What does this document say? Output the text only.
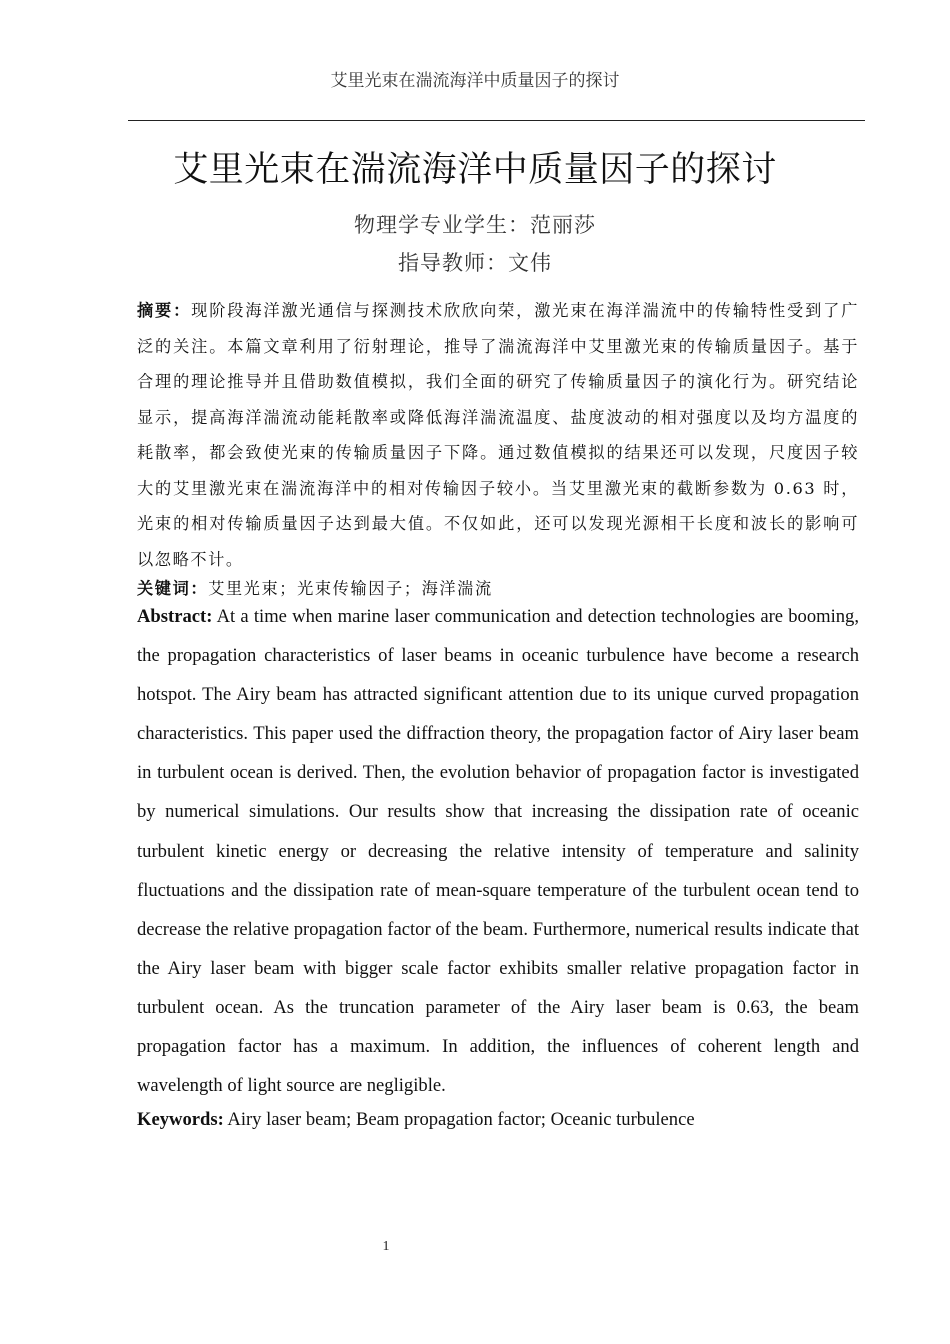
艾里光束在湍流海洋中质量因子的探讨
艾里光束在湍流海洋中质量因子的探讨
物理学专业学生：范丽莎
指导教师：文伟

摘要：现阶段海洋激光通信与探测技术欣欣向荣，激光束在海洋湍流中的传输特性受到了广泛的关注。本篇文章利用了衍射理论，推导了湍流海洋中艾里激光束的传输质量因子。基于合理的理论推导并且借助数值模拟，我们全面的研究了传输质量因子的演化行为。研究结论显示，提高海洋湍流动能耗散率或降低海洋湍流温度、盐度波动的相对强度以及均方温度的耗散率，都会致使光束的传输质量因子下降。通过数值模拟的结果还可以发现，尺度因子较大的艾里激光束在湍流海洋中的相对传输因子较小。当艾里激光束的截断参数为 0.63 时，光束的相对传输质量因子达到最大值。不仅如此，还可以发现光源相干长度和波长的影响可以忽略不计。

关键词：艾里光束；光束传输因子；海洋湍流

Abstract: At a time when marine laser communication and detection technologies are booming, the propagation characteristics of laser beams in oceanic turbulence have become a research hotspot. The Airy beam has attracted significant attention due to its unique curved propagation characteristics. This paper used the diffraction theory, the propagation factor of Airy laser beam in turbulent ocean is derived. Then, the evolution behavior of propagation factor is investigated by numerical simulations. Our results show that increasing the dissipation rate of oceanic turbulent kinetic energy or decreasing the relative intensity of temperature and salinity fluctuations and the dissipation rate of mean-square temperature of the turbulent ocean tend to decrease the relative propagation factor of the beam. Furthermore, numerical results indicate that the Airy laser beam with bigger scale factor exhibits smaller relative propagation factor in turbulent ocean. As the truncation parameter of the Airy laser beam is 0.63, the beam propagation factor has a maximum. In addition, the influences of coherent length and wavelength of light source are negligible.

Keywords: Airy laser beam; Beam propagation factor; Oceanic turbulence

1
